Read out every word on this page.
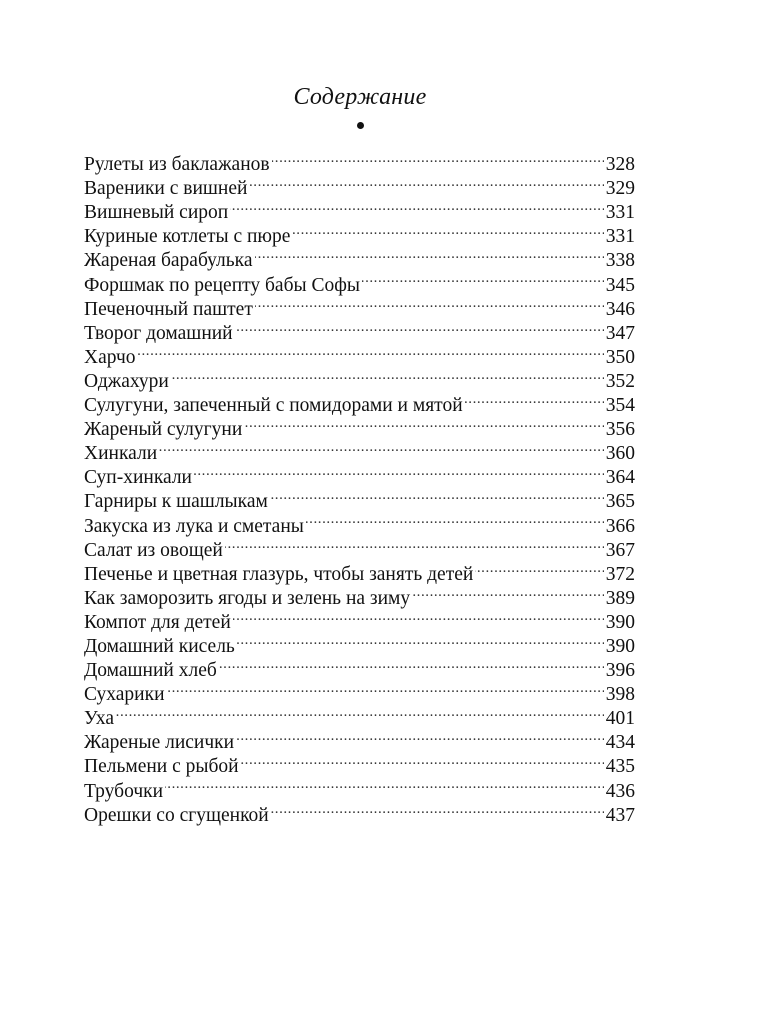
Содержание
Рулеты из баклажанов . . .	328
Вареники с вишней . . .	329
Вишневый сироп . . .	331
Куриные котлеты с пюре . . .	331
Жареная барабулька . . .	338
Форшмак по рецепту бабы Софы . . .	345
Печеночный паштет . . .	346
Творог домашний . . .	347
Харчо . . .	350
Оджахури . . .	352
Сулугуни, запеченный с помидорами и мятой . . .	354
Жареный сулугуни . . .	356
Хинкали . . .	360
Суп-хинкали . . .	364
Гарниры к шашлыкам . . .	365
Закуска из лука и сметаны . . .	366
Салат из овощей . . .	367
Печенье и цветная глазурь, чтобы занять детей . . .	372
Как заморозить ягоды и зелень на зиму . . .	389
Компот для детей . . .	390
Домашний кисель . . .	390
Домашний хлеб . . .	396
Сухарики . . .	398
Уха . . .	401
Жареные лисички . . .	434
Пельмени с рыбой . . .	435
Трубочки . . .	436
Орешки со сгущенкой . . .	437
